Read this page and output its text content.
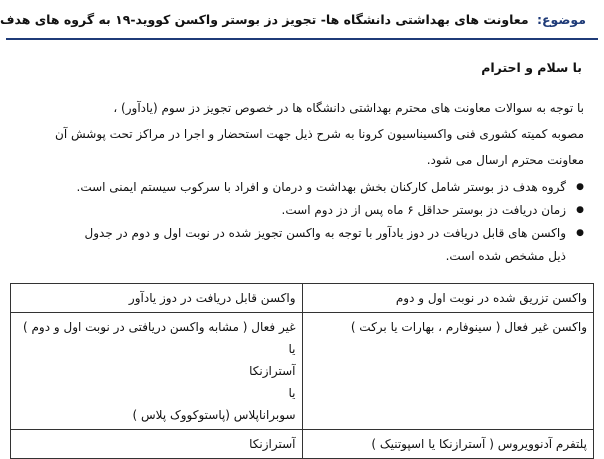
موضوع: معاونت های بهداشتی دانشگاه ها- تجویز دز بوستر واکسن کووید-۱۹ به گروه های هدف
با سلام و احترام

با توجه به سوالات معاونت های محترم بهداشتی دانشگاه ها در خصوص تجویز دز سوم (یادآور) ،

مصوبه کمیته کشوری فنی واکسیناسیون کرونا به شرح ذیل جهت استحضار و اجرا در مراکز تحت پوشش آن

معاونت محترم ارسال می شود.

● گروه هدف دز بوستر شامل کارکنان بخش بهداشت و درمان و افراد با سرکوب سیستم ایمنی است.
● زمان دریافت دز بوستر حداقل ۶ ماه پس از دز دوم است.
● واکسن های قابل دریافت در دوز یادآور با توجه به واکسن تجویز شده در نوبت اول و دوم در جدول
ذیل مشخص شده است.
واکسن تزریق شده در نوبت اول و دوم	واکسن قابل دریافت در دوز یادآور
واکسن غیر فعال ( سینوفارم ، بهارات یا برکت )	غیر فعال ( مشابه واکسن دریافتی در نوبت اول و دوم )
یا
آسترازنکا
یا
سوبراناپلاس (پاستوکووک پلاس )

پلتفرم آدنوویروس ( آسترازنکا یا اسپوتنیک )	آسترازنکا
